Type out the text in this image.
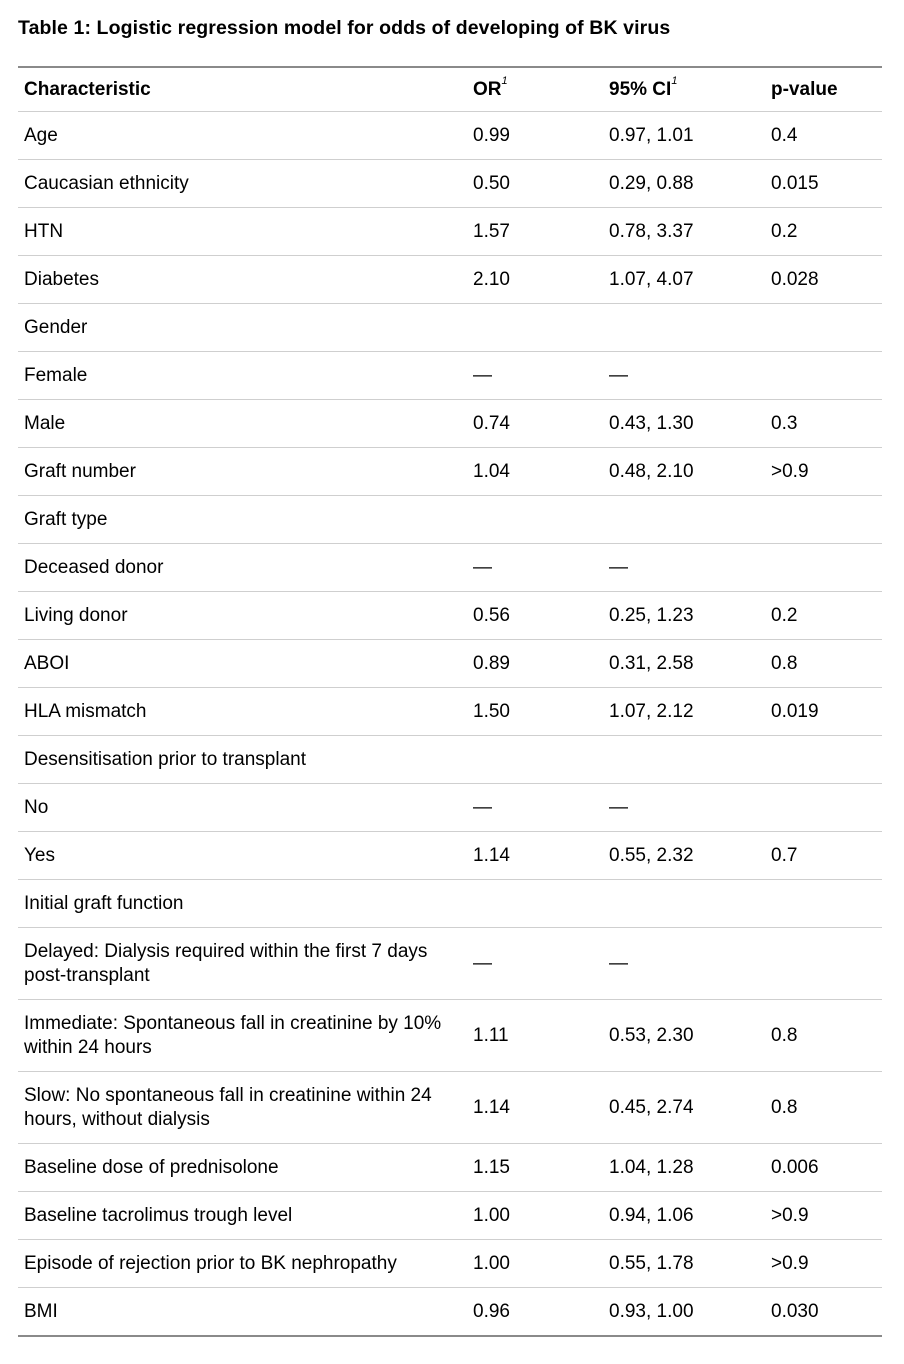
Table 1: Logistic regression model for odds of developing of BK virus
Characteristic	$OR^1$	95% $CI^1$	p-value
Age	0.99	0.97, 1.01	0.4
Caucasian ethnicity	0.50	0.29, 0.88	0.015
HTN	1.57	0.78, 3.37	0.2
Diabetes	2.10	1.07, 4.07	0.028
Gender			
Female	—	—	
Male	0.74	0.43, 1.30	0.3
Graft number	1.04	0.48, 2.10	>0.9
Graft type			
Deceased donor	—	—	
Living donor	0.56	0.25, 1.23	0.2
ABOI	0.89	0.31, 2.58	0.8
HLA mismatch	1.50	1.07, 2.12	0.019
Desensitisation prior to transplant			
No	—	—	
Yes	1.14	0.55, 2.32	0.7
Initial graft function			
Delayed: Dialysis required within the first 7 days post-transplant	—	—	
Immediate: Spontaneous fall in creatinine by 10% within 24 hours	1.11	0.53, 2.30	0.8
Slow: No spontaneous fall in creatinine within 24 hours, without dialysis	1.14	0.45, 2.74	0.8
Baseline dose of prednisolone	1.15	1.04, 1.28	0.006
Baseline tacrolimus trough level	1.00	0.94, 1.06	>0.9
Episode of rejection prior to BK nephropathy	1.00	0.55, 1.78	>0.9
BMI	0.96	0.93, 1.00	0.030
